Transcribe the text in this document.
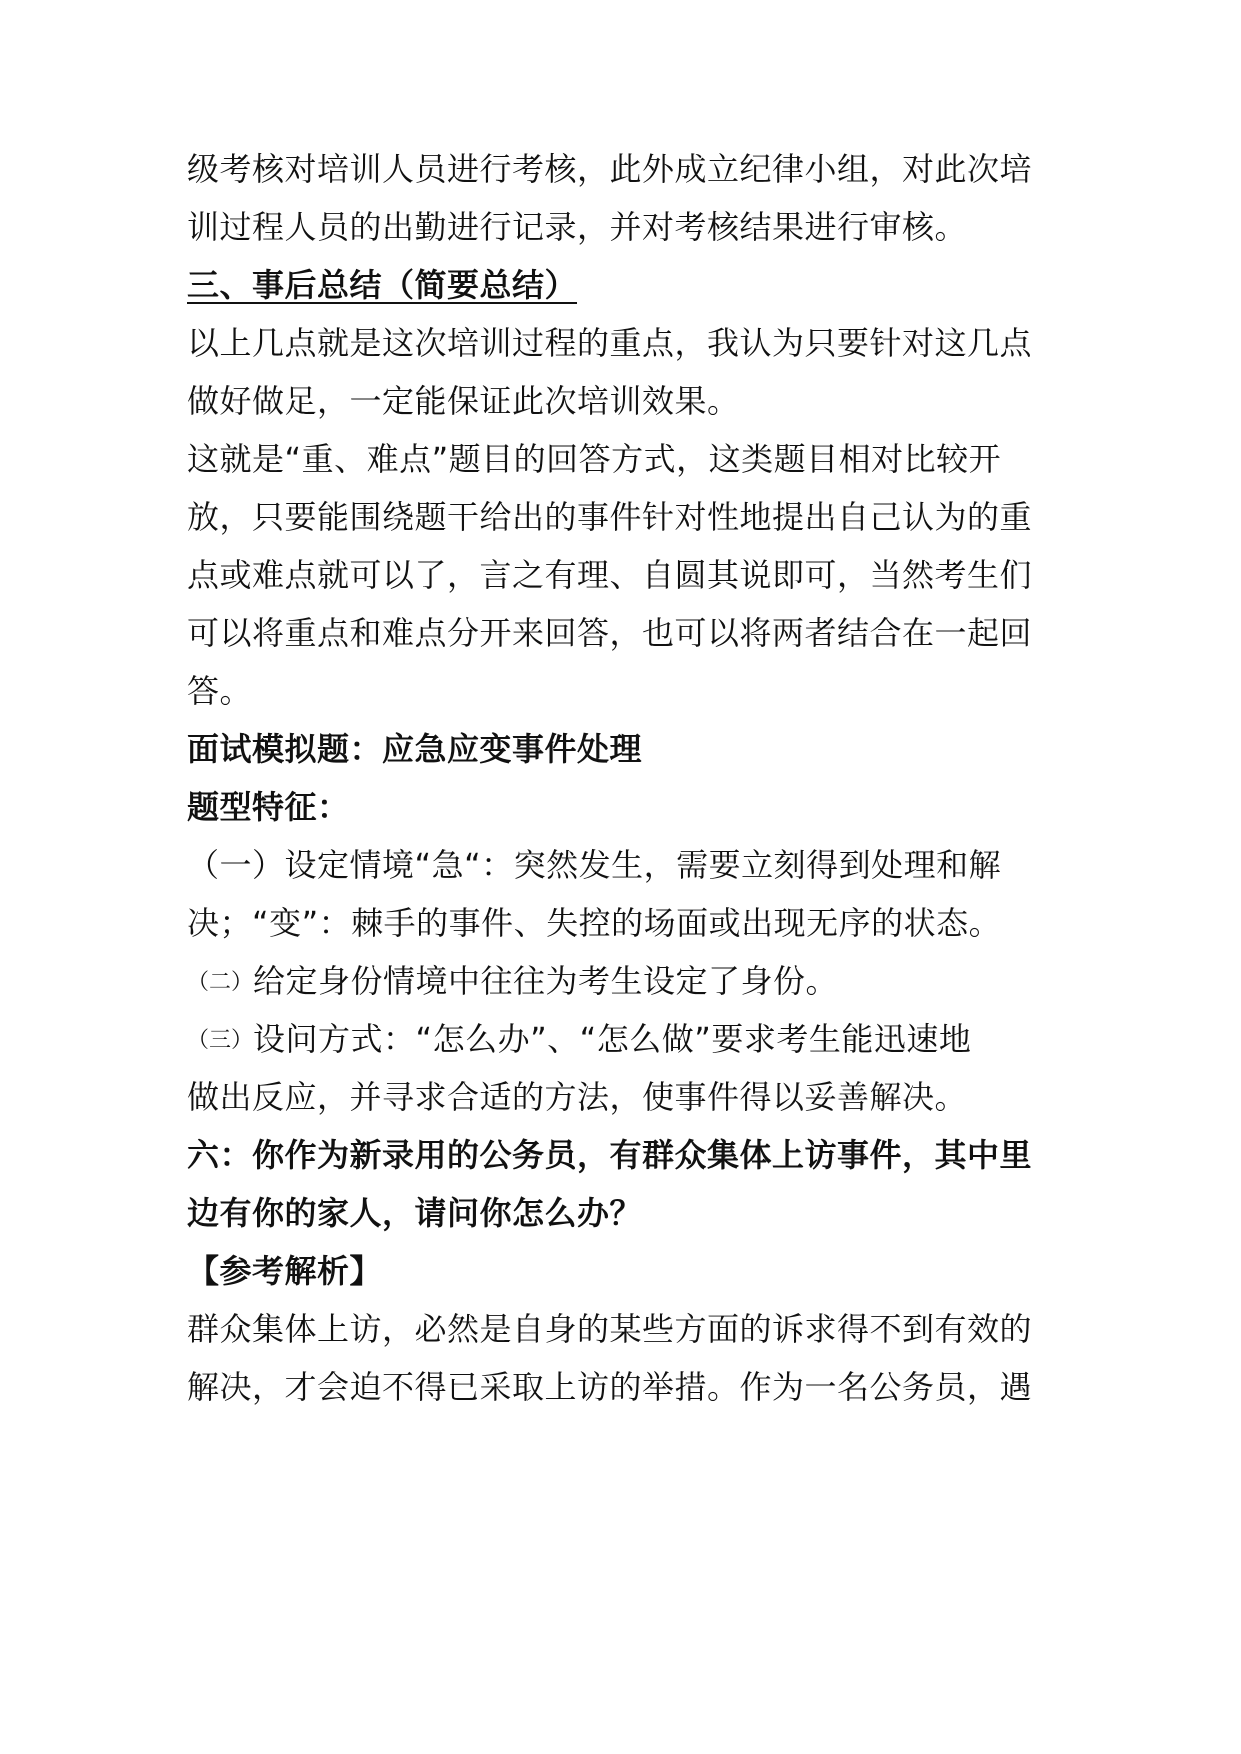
级考核对培训人员进行考核，此外成立纪律小组，对此次培
训过程人员的出勤进行记录，并对考核结果进行审核。
三、事后总结（简要总结）
以上几点就是这次培训过程的重点，我认为只要针对这几点
做好做足，一定能保证此次培训效果。
这就是“重、难点”题目的回答方式，这类题目相对比较开
放，只要能围绕题干给出的事件针对性地提出自己认为的重
点或难点就可以了，言之有理、自圆其说即可，当然考生们
可以将重点和难点分开来回答，也可以将两者结合在一起回
答。
面试模拟题：应急应变事件处理
题型特征：
（一）设定情境“急“：突然发生，需要立刻得到处理和解
决；“变”：棘手的事件、失控的场面或出现无序的状态。
（二）给定身份情境中往往为考生设定了身份。
（三）设问方式：“怎么办”、“怎么做”要求考生能迅速地
做出反应，并寻求合适的方法，使事件得以妥善解决。
六：你作为新录用的公务员，有群众集体上访事件，其中里
边有你的家人，请问你怎么办？
【参考解析】
群众集体上访，必然是自身的某些方面的诉求得不到有效的
解决，才会迫不得已采取上访的举措。作为一名公务员，遇
